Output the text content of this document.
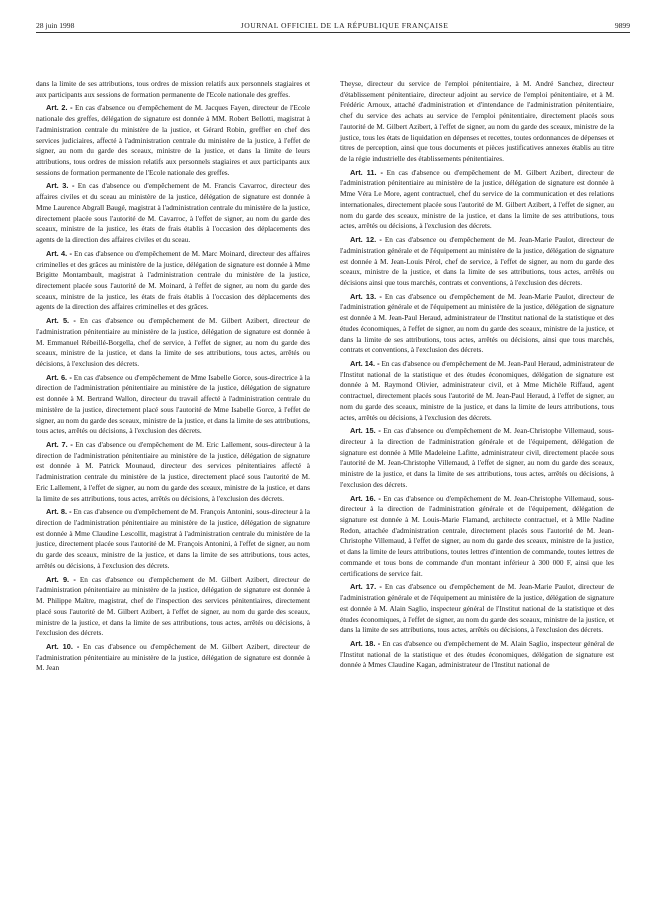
28 juin 1998	JOURNAL OFFICIEL DE LA RÉPUBLIQUE FRANÇAISE	9899

dans la limite de ses attributions, tous ordres de mission relatifs aux personnels stagiaires et aux participants aux sessions de formation permanente de l'Ecole nationale des greffes.

Art. 2. - En cas d'absence ou d'empêchement de M. Jacques Fayen, directeur de l'Ecole nationale des greffes, délégation de signature est donnée à MM. Robert Bellotti, magistrat à l'administration centrale du ministère de la justice, et Gérard Robin, greffier en chef des services judiciaires, affecté à l'administration centrale du ministère de la justice, à l'effet de signer, au nom du garde des sceaux, ministre de la justice, et dans la limite de leurs attributions, tous ordres de mission relatifs aux personnels stagiaires et aux participants aux sessions de formation permanente de l'Ecole nationale des greffes.

Art. 3. - En cas d'absence ou d'empêchement de M. Francis Cavarroc, directeur des affaires civiles et du sceau au ministère de la justice, délégation de signature est donnée à Mme Laurence Abgrall Baugé, magistrat à l'administration centrale du ministère de la justice, directement placée sous l'autorité de M. Cavarroc, à l'effet de signer, au nom du garde des sceaux, ministre de la justice, les états de frais établis à l'occasion des déplacements des agents de la direction des affaires civiles et du sceau.

Art. 4. - En cas d'absence ou d'empêchement de M. Marc Moinard, directeur des affaires criminelles et des grâces au ministère de la justice, délégation de signature est donnée à Mme Brigitte Montambault, magistrat à l'administration centrale du ministère de la justice, directement placée sous l'autorité de M. Moinard, à l'effet de signer, au nom du garde des sceaux, ministre de la justice, les états de frais établis à l'occasion des déplacements des agents de la direction des affaires criminelles et des grâces.

Art. 5. - En cas d'absence ou d'empêchement de M. Gilbert Azibert, directeur de l'administration pénitentiaire au ministère de la justice, délégation de signature est donnée à M. Emmanuel Rébeillé-Borgella, chef de service, à l'effet de signer, au nom du garde des sceaux, ministre de la justice, et dans la limite de ses attributions, tous actes, arrêtés ou décisions, à l'exclusion des décrets.

Art. 6. - En cas d'absence ou d'empêchement de Mme Isabelle Gorce, sous-directrice à la direction de l'administration pénitentiaire au ministère de la justice, délégation de signature est donnée à M. Bertrand Wallon, directeur du travail affecté à l'administration centrale du ministère de la justice, directement placé sous l'autorité de Mme Isabelle Gorce, à l'effet de signer, au nom du garde des sceaux, ministre de la justice, et dans la limite de ses attributions, tous actes, arrêtés ou décisions, à l'exclusion des décrets.

Art. 7. - En cas d'absence ou d'empêchement de M. Eric Lallement, sous-directeur à la direction de l'administration pénitentiaire au ministère de la justice, délégation de signature est donnée à M. Patrick Mounaud, directeur des services pénitentiaires affecté à l'administration centrale du ministère de la justice, directement placé sous l'autorité de M. Eric Lallement, à l'effet de signer, au nom du garde des sceaux, ministre de la justice, et dans la limite de ses attributions, tous actes, arrêtés ou décisions, à l'exclusion des décrets.

Art. 8. - En cas d'absence ou d'empêchement de M. François Antonini, sous-directeur à la direction de l'administration pénitentiaire au ministère de la justice, délégation de signature est donnée à Mme Claudine Lescollit, magistrat à l'administration centrale du ministère de la justice, directement placée sous l'autorité de M. François Antonini, à l'effet de signer, au nom du garde des sceaux, ministre de la justice, et dans la limite de ses attributions, tous actes, arrêtés ou décisions, à l'exclusion des décrets.

Art. 9. - En cas d'absence ou d'empêchement de M. Gilbert Azibert, directeur de l'administration pénitentiaire au ministère de la justice, délégation de signature est donnée à M. Philippe Maître, magistrat, chef de l'inspection des services pénitentiaires, directement placé sous l'autorité de M. Gilbert Azibert, à l'effet de signer, au nom du garde des sceaux, ministre de la justice, et dans la limite de ses attributions, tous actes, arrêtés ou décisions, à l'exclusion des décrets.

Art. 10. - En cas d'absence ou d'empêchement de M. Gilbert Azibert, directeur de l'administration pénitentiaire au ministère de la justice, délégation de signature est donnée à M. Jean

Theyse, directeur du service de l'emploi pénitentiaire, à M. André Sanchez, directeur d'établissement pénitentiaire, directeur adjoint au service de l'emploi pénitentiaire, et à M. Frédéric Arnoux, attaché d'administration et d'intendance de l'administration pénitentiaire, chef du service des achats au service de l'emploi pénitentiaire, directement placés sous l'autorité de M. Gilbert Azibert, à l'effet de signer, au nom du garde des sceaux, ministre de la justice, tous les états de liquidation en dépenses et recettes, toutes ordonnances de dépenses et titres de perception, ainsi que tous documents et pièces justificatives annexes établis au titre de la régie industrielle des établissements pénitentiaires.

Art. 11. - En cas d'absence ou d'empêchement de M. Gilbert Azibert, directeur de l'administration pénitentiaire au ministère de la justice, délégation de signature est donnée à Mme Véra Le More, agent contractuel, chef du service de la communication et des relations internationales, directement placée sous l'autorité de M. Gilbert Azibert, à l'effet de signer, au nom du garde des sceaux, ministre de la justice, et dans la limite de ses attributions, tous actes, arrêtés ou décisions, à l'exclusion des décrets.

Art. 12. - En cas d'absence ou d'empêchement de M. Jean-Marie Paulot, directeur de l'administration générale et de l'équipement au ministère de la justice, délégation de signature est donnée à M. Jean-Louis Pérol, chef de service, à l'effet de signer, au nom du garde des sceaux, ministre de la justice, et dans la limite de ses attributions, tous actes, arrêtés ou décisions ainsi que tous marchés, contrats et conventions, à l'exclusion des décrets.

Art. 13. - En cas d'absence ou d'empêchement de M. Jean-Marie Paulot, directeur de l'administration générale et de l'équipement au ministère de la justice, délégation de signature est donnée à M. Jean-Paul Heraud, administrateur de l'Institut national de la statistique et des études économiques, à l'effet de signer, au nom du garde des sceaux, ministre de la justice, et dans la limite de ses attributions, tous actes, arrêtés ou décisions, ainsi que tous marchés, contrats et conventions, à l'exclusion des décrets.

Art. 14. - En cas d'absence ou d'empêchement de M. Jean-Paul Heraud, administrateur de l'Institut national de la statistique et des études économiques, délégation de signature est donnée à M. Raymond Olivier, administrateur civil, et à Mme Michèle Riffaud, agent contractuel, directement placés sous l'autorité de M. Jean-Paul Heraud, à l'effet de signer, au nom du garde des sceaux, ministre de la justice, et dans la limite de leurs attributions, tous actes, arrêtés ou décisions, à l'exclusion des décrets.

Art. 15. - En cas d'absence ou d'empêchement de M. Jean-Christophe Villemaud, sous-directeur à la direction de l'administration générale et de l'équipement, délégation de signature est donnée à Mlle Madeleine Lafitte, administrateur civil, directement placée sous l'autorité de M. Jean-Christophe Villemaud, à l'effet de signer, au nom du garde des sceaux, ministre de la justice, et dans la limite de ses attributions, tous actes, arrêtés ou décisions, à l'exclusion des décrets.

Art. 16. - En cas d'absence ou d'empêchement de M. Jean-Christophe Villemaud, sous-directeur à la direction de l'administration générale et de l'équipement, délégation de signature est donnée à M. Louis-Marie Flamand, architecte contractuel, et à Mlle Nadine Redon, attachée d'administration centrale, directement placés sous l'autorité de M. Jean-Christophe Villemaud, à l'effet de signer, au nom du garde des sceaux, ministre de la justice, et dans la limite de leurs attributions, toutes lettres d'intention de commande, toutes lettres de commande et tous bons de commande d'un montant inférieur à 300 000 F, ainsi que les certifications de service fait.

Art. 17. - En cas d'absence ou d'empêchement de M. Jean-Marie Paulot, directeur de l'administration générale et de l'équipement au ministère de la justice, délégation de signature est donnée à M. Alain Saglio, inspecteur général de l'Institut national de la statistique et des études économiques, à l'effet de signer, au nom du garde des sceaux, ministre de la justice, et dans la limite de ses attributions, tous actes, arrêtés ou décisions, à l'exclusion des décrets.

Art. 18. - En cas d'absence ou d'empêchement de M. Alain Saglio, inspecteur général de l'Institut national de la statistique et des études économiques, délégation de signature est donnée à Mmes Claudine Kagan, administrateur de l'Institut national de
